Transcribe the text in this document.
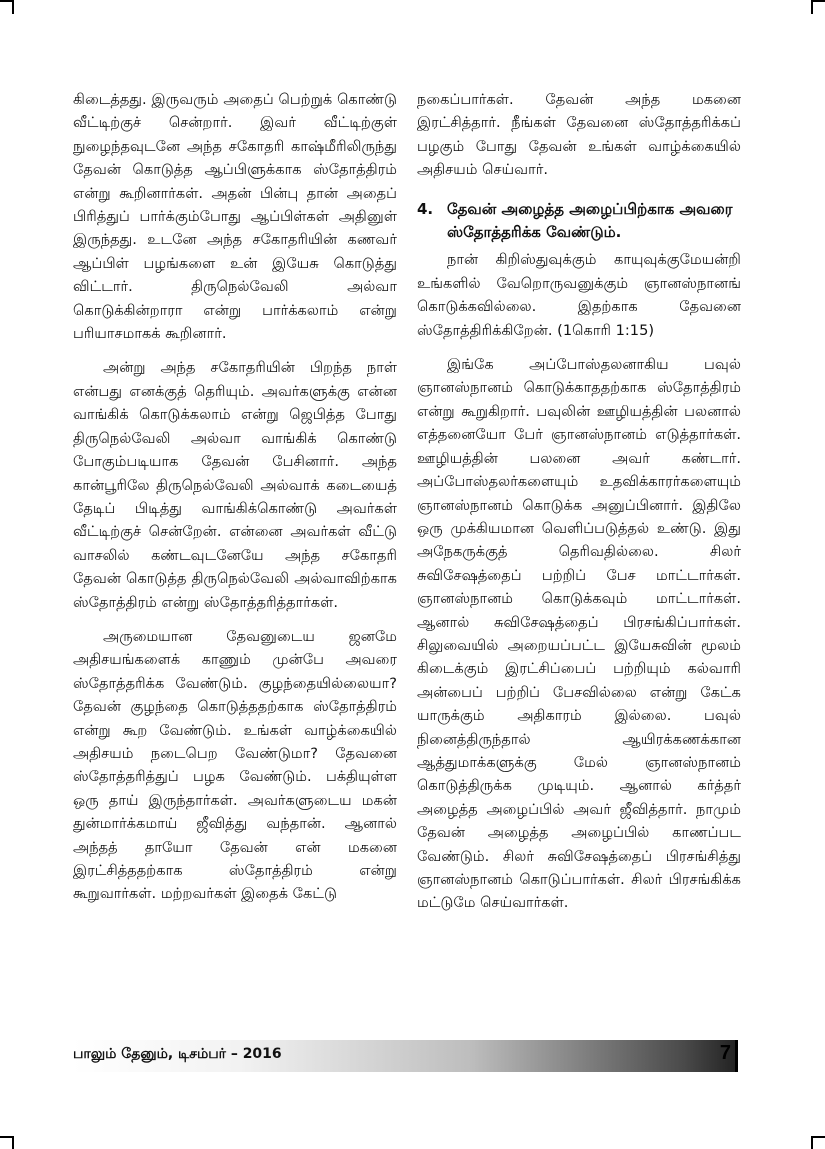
கிடைத்தது. இருவரும் அதைப் பெற்றுக் கொண்டு வீட்டிற்குச் சென்றார். இவர் வீட்டிற்குள் நுழைந்தவுடனே அந்த சகோதரி காஷ்மீரிலிருந்து தேவன் கொடுத்த ஆப்பிளுக்காக ஸ்தோத்திரம் என்று கூறினார்கள். அதன் பின்பு தான் அதைப் பிரித்துப் பார்க்கும்போது ஆப்பிள்கள் அதினுள் இருந்தது. உடனே அந்த சகோதரியின் கணவர் ஆப்பிள் பழங்களை உன் இயேசு கொடுத்து விட்டார். திருநெல்வேலி அல்வா கொடுக்கின்றாரா என்று பார்க்கலாம் என்று பரியாசமாகக் கூறினார்.

அன்று அந்த சகோதரியின் பிறந்த நாள் என்பது எனக்குத் தெரியும். அவர்களுக்கு என்ன வாங்கிக் கொடுக்கலாம் என்று ஜெபித்த போது திருநெல்வேலி அல்வா வாங்கிக் கொண்டு போகும்படியாக தேவன் பேசினார். அந்த கான்பூரிலே திருநெல்வேலி அல்வாக் கடையைத் தேடிப் பிடித்து வாங்கிக்கொண்டு அவர்கள் வீட்டிற்குச் சென்றேன். என்னை அவர்கள் வீட்டு வாசலில் கண்டவுடனேயே அந்த சகோதரி தேவன் கொடுத்த திருநெல்வேலி அல்வாவிற்காக ஸ்தோத்திரம் என்று ஸ்தோத்தரித்தார்கள்.

அருமையான தேவனுடைய ஜனமே அதிசயங்களைக் காணும் முன்பே அவரை ஸ்தோத்தரிக்க வேண்டும். குழந்தையில்லையா? தேவன் குழந்தை கொடுத்ததற்காக ஸ்தோத்திரம் என்று கூற வேண்டும். உங்கள் வாழ்க்கையில் அதிசயம் நடைபெற வேண்டுமா? தேவனை ஸ்தோத்தரித்துப் பழக வேண்டும். பக்தியுள்ள ஒரு தாய் இருந்தார்கள். அவர்களுடைய மகன் துன்மார்க்கமாய் ஜீவித்து வந்தான். ஆனால் அந்தத் தாயோ தேவன் என் மகனை இரட்சித்ததற்காக ஸ்தோத்திரம் என்று கூறுவார்கள். மற்றவர்கள் இதைக் கேட்டு

நகைப்பார்கள். தேவன் அந்த மகனை இரட்சித்தார். நீங்கள் தேவனை ஸ்தோத்தரிக்கப் பழகும் போது தேவன் உங்கள் வாழ்க்கையில் அதிசயம் செய்வார்.

4. தேவன் அழைத்த அழைப்பிற்காக அவரை ஸ்தோத்தரிக்க வேண்டும்.

நான் கிறிஸ்துவுக்கும் காயுவுக்குமேயன்றி உங்களில் வேறொருவனுக்கும் ஞானஸ்நானங் கொடுக்கவில்லை. இதற்காக தேவனை ஸ்தோத்திரிக்கிறேன். (1கொரி 1:15)

இங்கே அப்போஸ்தலனாகிய பவுல் ஞானஸ்நானம் கொடுக்காததற்காக ஸ்தோத்திரம் என்று கூறுகிறார். பவுலின் ஊழியத்தின் பலனால் எத்தனையோ பேர் ஞானஸ்நானம் எடுத்தார்கள். ஊழியத்தின் பலனை அவர் கண்டார். அப்போஸ்தலர்களையும் உதவிக்காரர்களையும் ஞானஸ்நானம் கொடுக்க அனுப்பினார். இதிலே ஒரு முக்கியமான வெளிப்படுத்தல் உண்டு. இது அநேகருக்குத் தெரிவதில்லை. சிலர் சுவிசேஷத்தைப் பற்றிப் பேச மாட்டார்கள். ஞானஸ்நானம் கொடுக்கவும் மாட்டார்கள். ஆனால் சுவிசேஷத்தைப் பிரசங்கிப்பார்கள். சிலுவையில் அறையப்பட்ட இயேசுவின் மூலம் கிடைக்கும் இரட்சிப்பைப் பற்றியும் கல்வாரி அன்பைப் பற்றிப் பேசவில்லை என்று கேட்க யாருக்கும் அதிகாரம் இல்லை. பவுல் நினைத்திருந்தால் ஆயிரக்கணக்கான ஆத்துமாக்களுக்கு மேல் ஞானஸ்நானம் கொடுத்திருக்க முடியும். ஆனால் கர்த்தர் அழைத்த அழைப்பில் அவர் ஜீவித்தார். நாமும் தேவன் அழைத்த அழைப்பில் காணப்பட வேண்டும். சிலர் சுவிசேஷத்தைப் பிரசங்சித்து ஞானஸ்நானம் கொடுப்பார்கள். சிலர் பிரசங்கிக்க மட்டுமே செய்வார்கள்.

பாலும் தேனும், டிசம்பர் – 2016	7
